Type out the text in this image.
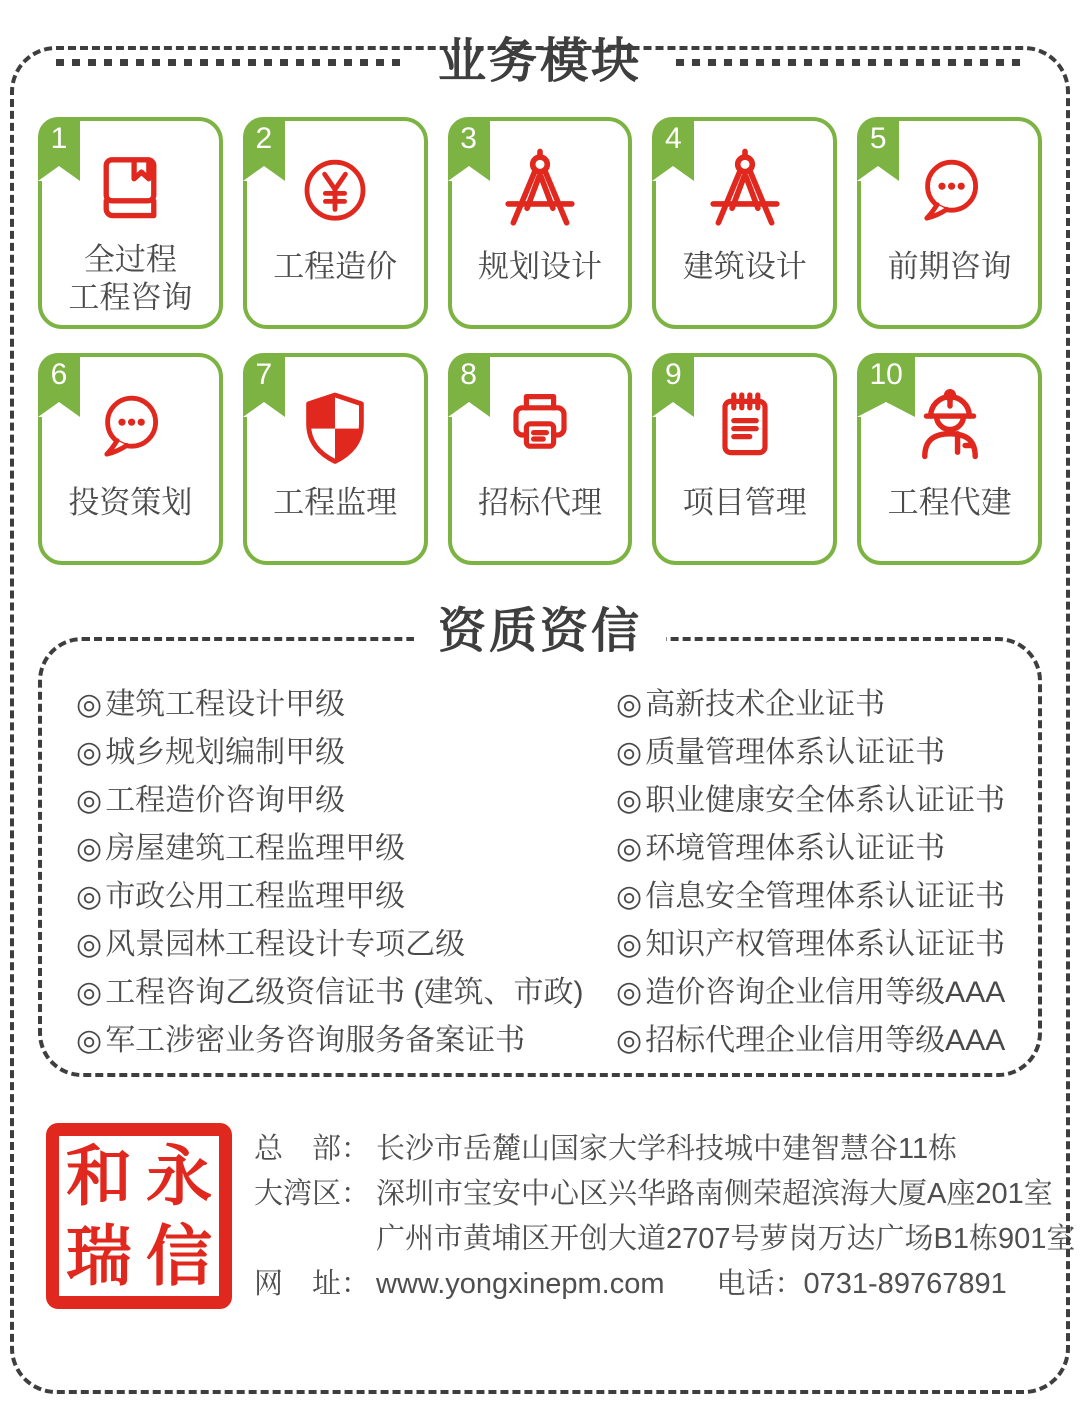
业务模块
1
全过程
工程咨询
2
工程造价
3
规划设计
4
建筑设计
5
前期咨询
6
投资策划
7
工程监理
8
招标代理
9
项目管理
10
工程代建
资质资信
◎ 建筑工程设计甲级
◎ 城乡规划编制甲级
◎ 工程造价咨询甲级
◎ 房屋建筑工程监理甲级
◎ 市政公用工程监理甲级
◎ 风景园林工程设计专项乙级
◎ 工程咨询乙级资信证书 (建筑、市政)
◎ 军工涉密业务咨询服务备案证书
◎ 高新技术企业证书
◎ 质量管理体系认证证书
◎ 职业健康安全体系认证证书
◎ 环境管理体系认证证书
◎ 信息安全管理体系认证证书
◎ 知识产权管理体系认证证书
◎ 造价咨询企业信用等级AAA
◎ 招标代理企业信用等级AAA
和 永
瑞 信
总　部： 长沙市岳麓山国家大学科技城中建智慧谷11栋
大湾区： 深圳市宝安中心区兴华路南侧荣超滨海大厦A座201室
广州市黄埔区开创大道2707号萝岗万达广场B1栋901室
网　址： www.yongxinepm.com 电话： 0731-89767891
